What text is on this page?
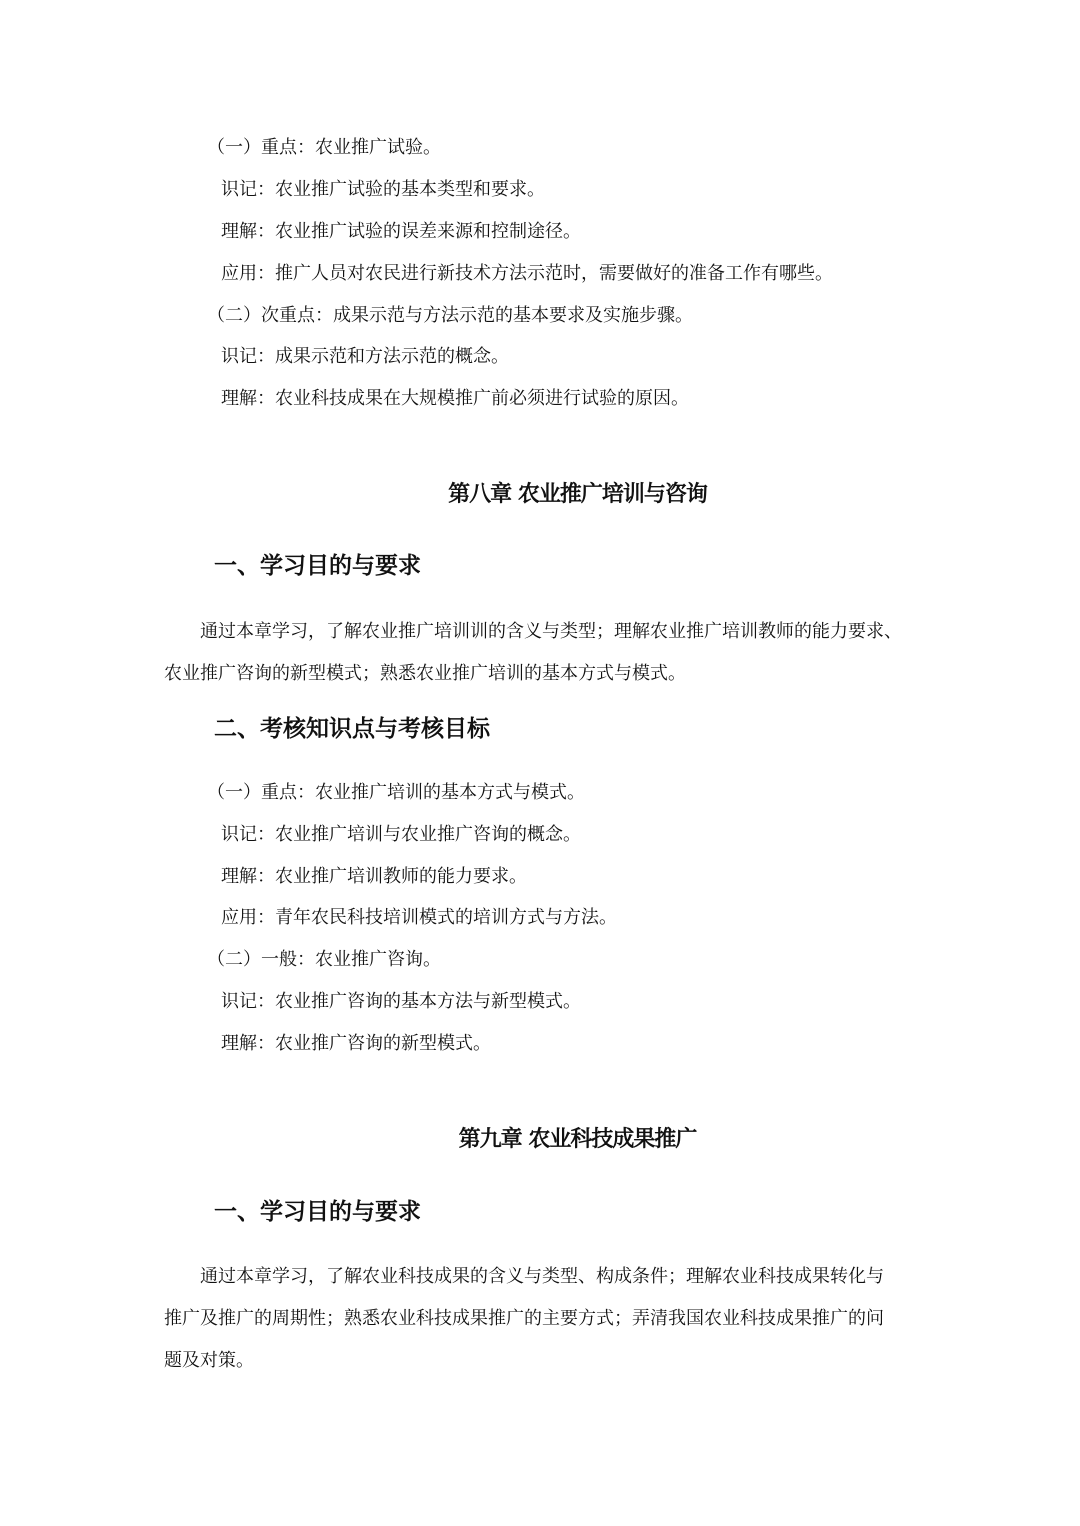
（一）重点：农业推广试验。
识记：农业推广试验的基本类型和要求。
理解：农业推广试验的误差来源和控制途径。
应用：推广人员对农民进行新技术方法示范时，需要做好的准备工作有哪些。
（二）次重点：成果示范与方法示范的基本要求及实施步骤。
识记：成果示范和方法示范的概念。
理解：农业科技成果在大规模推广前必须进行试验的原因。
第八章 农业推广培训与咨询
一、学习目的与要求
通过本章学习，了解农业推广培训训的含义与类型；理解农业推广培训教师的能力要求、
农业推广咨询的新型模式；熟悉农业推广培训的基本方式与模式。
二、考核知识点与考核目标
（一）重点：农业推广培训的基本方式与模式。
识记：农业推广培训与农业推广咨询的概念。
理解：农业推广培训教师的能力要求。
应用：青年农民科技培训模式的培训方式与方法。
（二）一般：农业推广咨询。
识记：农业推广咨询的基本方法与新型模式。
理解：农业推广咨询的新型模式。
第九章 农业科技成果推广
一、学习目的与要求
通过本章学习，了解农业科技成果的含义与类型、构成条件；理解农业科技成果转化与
推广及推广的周期性；熟悉农业科技成果推广的主要方式；弄清我国农业科技成果推广的问
题及对策。
